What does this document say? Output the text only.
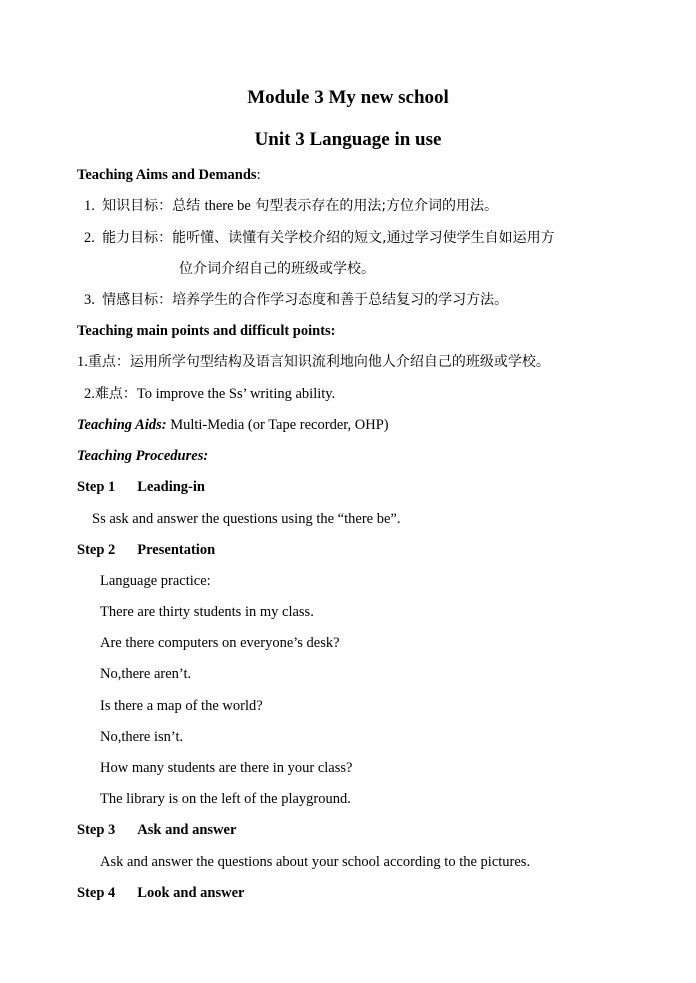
Module 3 My new school
Unit 3 Language in use
Teaching Aims and Demands:
1. 知识目标：总结 there be 句型表示存在的用法;方位介词的用法。
2. 能力目标：能听懂、读懂有关学校介绍的短文,通过学习使学生自如运用方
位介词介绍自己的班级或学校。
3. 情感目标：培养学生的合作学习态度和善于总结复习的学习方法。
Teaching main points and difficult points:
1.重点：运用所学句型结构及语言知识流利地向他人介绍自己的班级或学校。
2.难点：To improve the Ss’ writing ability.
Teaching Aids: Multi-Media (or Tape recorder, OHP)
Teaching Procedures:
Step 1 Leading-in
Ss ask and answer the questions using the “there be”.
Step 2 Presentation
Language practice:
There are thirty students in my class.
Are there computers on everyone’s desk?
No,there aren’t.
Is there a map of the world?
No,there isn’t.
How many students are there in your class?
The library is on the left of the playground.
Step 3 Ask and answer
Ask and answer the questions about your school according to the pictures.
Step 4 Look and answer
